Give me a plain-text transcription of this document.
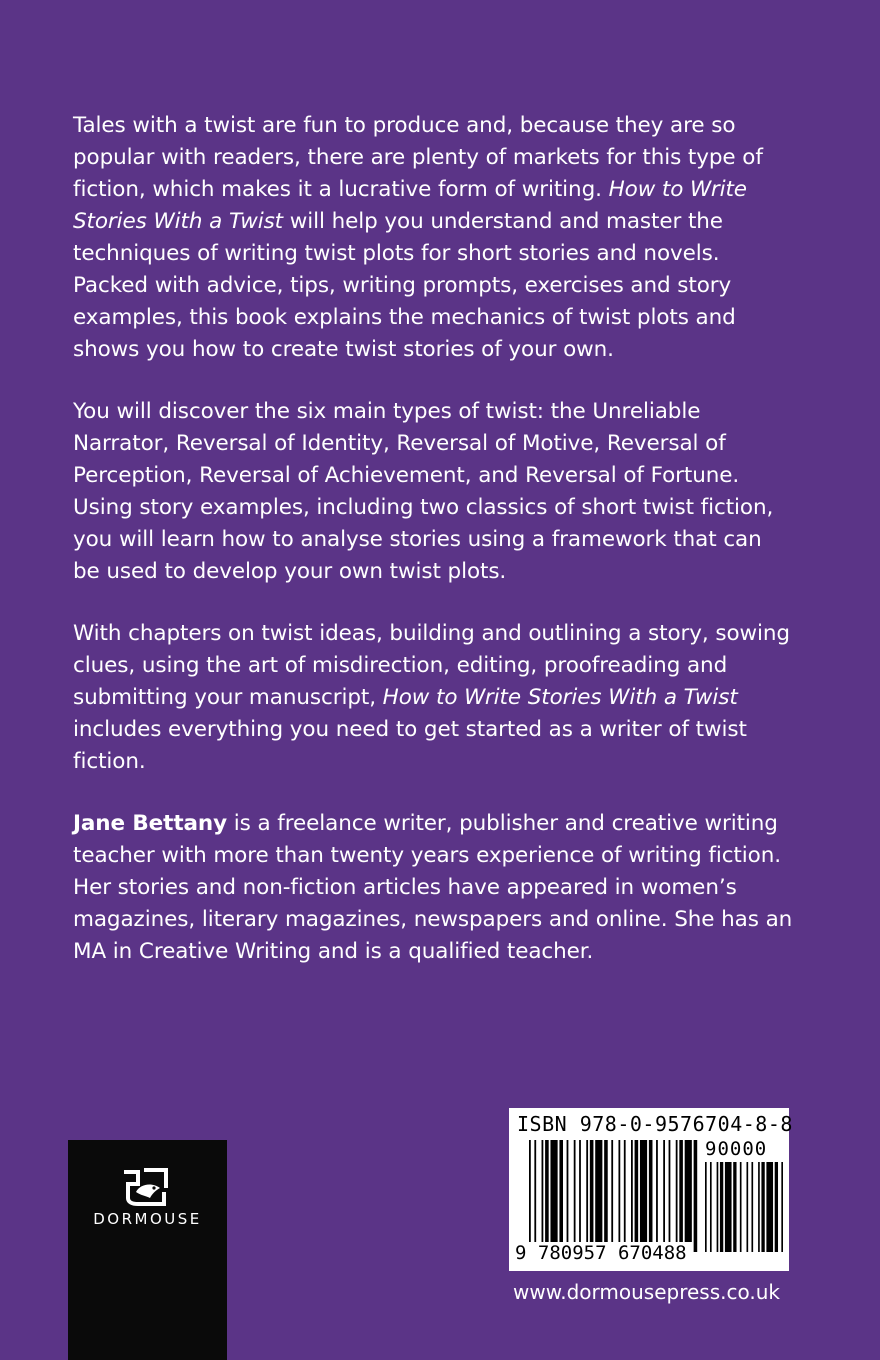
Tales with a twist are fun to produce and, because they are so popular with readers, there are plenty of markets for this type of fiction, which makes it a lucrative form of writing. How to Write Stories With a Twist will help you understand and master the techniques of writing twist plots for short stories and novels. Packed with advice, tips, writing prompts, exercises and story examples, this book explains the mechanics of twist plots and shows you how to create twist stories of your own.

You will discover the six main types of twist: the Unreliable Narrator, Reversal of Identity, Reversal of Motive, Reversal of Perception, Reversal of Achievement, and Reversal of Fortune. Using story examples, including two classics of short twist fiction, you will learn how to analyse stories using a framework that can be used to develop your own twist plots.

With chapters on twist ideas, building and outlining a story, sowing clues, using the art of misdirection, editing, proofreading and submitting your manuscript, How to Write Stories With a Twist includes everything you need to get started as a writer of twist fiction.

Jane Bettany is a freelance writer, publisher and creative writing teacher with more than twenty years experience of writing fiction. Her stories and non-fiction articles have appeared in women’s magazines, literary magazines, newspapers and online. She has an MA in Creative Writing and is a qualified teacher.

DORMOUSE
ISBN 978-0-9576704-8-8
90000
9 780957 670488
www.dormousepress.co.uk
